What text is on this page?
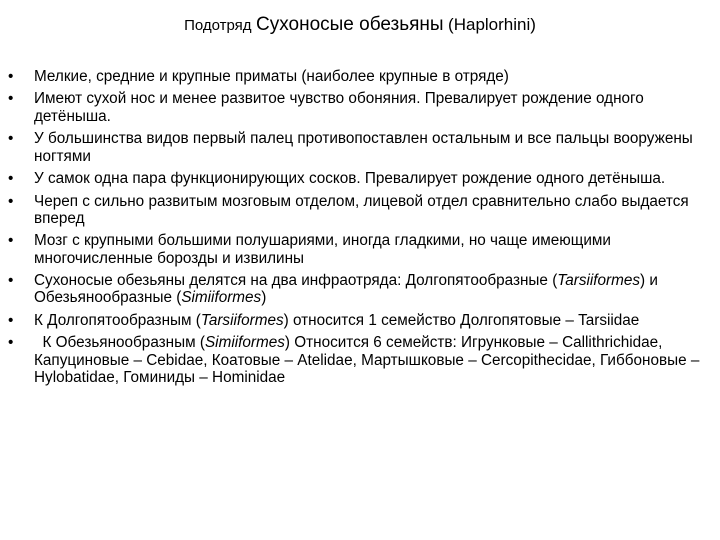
Подотряд Сухоносые обезьяны (Haplorhini)
• Мелкие, средние и крупные приматы (наиболее крупные в отряде)
• Имеют сухой нос и менее развитое чувство обоняния. Превалирует рождение одного детёныша.
• У большинства видов первый палец противопоставлен остальным и все пальцы вооружены ногтями
• У самок одна пара функционирующих сосков. Превалирует рождение одного детёныша.
• Череп с сильно развитым мозговым отделом, лицевой отдел сравнительно слабо выдается вперед
• Мозг с крупными большими полушариями, иногда гладкими, но чаще имеющими многочисленные борозды и извилины
• Сухоносые обезьяны делятся на два инфраотряда: Долгопятообразные (Tarsiiformes) и Обезьянообразные (Simiiformes)
• К Долгопятообразным (Tarsiiformes) относится 1 семейство Долгопятовые – Tarsiidae
• К Обезьянообразным (Simiiformes) Относится 6 семейств: Игрунковые – Callithrichidae, Капуциновые – Cebidae, Коатовые – Atelidae, Мартышковые – Cercopithecidae, Гиббоновые – Hylobatidae, Гоминиды – Hominidae
